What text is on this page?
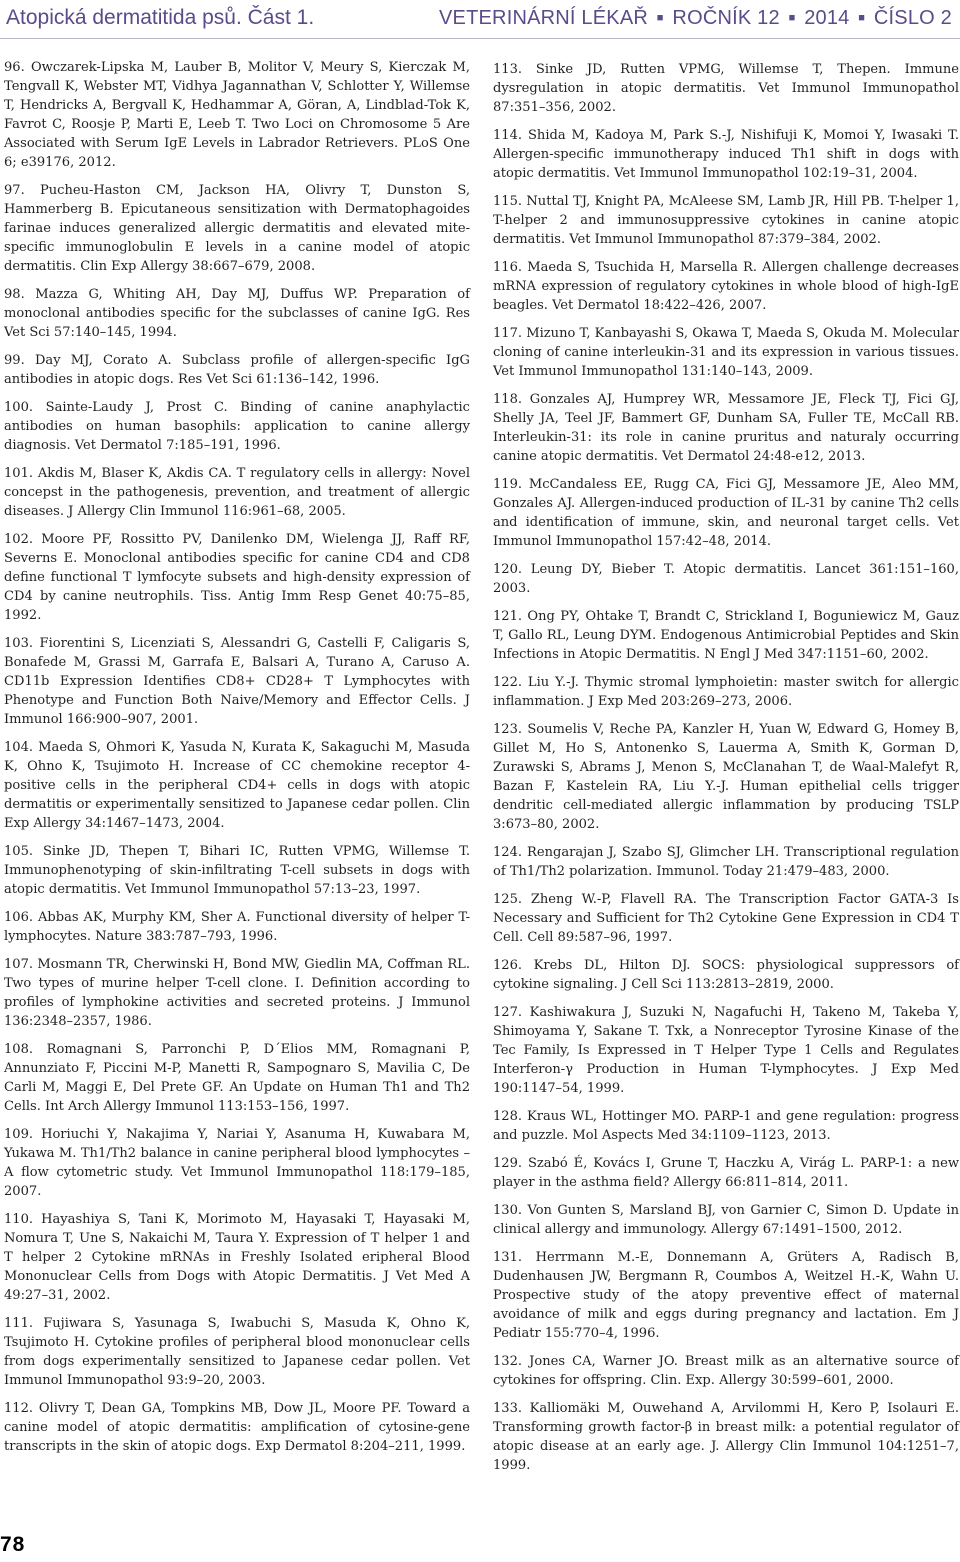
Atopická dermatitida psů. Část 1.	VETERINÁRNÍ LÉKAŘ ■ ROČNÍK 12 ■ 2014 ■ ČÍSLO 2

96. Owczarek-Lipska M, Lauber B, Molitor V, Meury S, Kierczak M, Tengvall K, Webster MT, Vidhya Jagannathan V, Schlotter Y, Willemse T, Hendricks A, Bergvall K, Hedhammar A, Göran, A, Lindblad-Tok K, Favrot C, Roosje P, Marti E, Leeb T. Two Loci on Chromosome 5 Are Associated with Serum IgE Levels in Labrador Retrievers. PLoS One 6; e39176, 2012.

97. Pucheu-Haston CM, Jackson HA, Olivry T, Dunston S, Hammerberg B. Epicutaneous sensitization with Dermatophagoides farinae induces generalized allergic dermatitis and elevated mite-specific immunoglobulin E levels in a canine model of atopic dermatitis. Clin Exp Allergy 38:667–679, 2008.

98. Mazza G, Whiting AH, Day MJ, Duffus WP. Preparation of monoclonal antibodies specific for the subclasses of canine IgG. Res Vet Sci 57:140–145, 1994.

99. Day MJ, Corato A. Subclass profile of allergen-specific IgG antibodies in atopic dogs. Res Vet Sci 61:136–142, 1996.

100. Sainte-Laudy J, Prost C. Binding of canine anaphylactic antibodies on human basophils: application to canine allergy diagnosis. Vet Dermatol 7:185–191, 1996.

101. Akdis M, Blaser K, Akdis CA. T regulatory cells in allergy: Novel concepst in the pathogenesis, prevention, and treatment of allergic diseases. J Allergy Clin Immunol 116:961–68, 2005.

102. Moore PF, Rossitto PV, Danilenko DM, Wielenga JJ, Raff RF, Severns E. Monoclonal antibodies specific for canine CD4 and CD8 define functional T lymfocyte subsets and high-density expression of CD4 by canine neutrophils. Tiss. Antig Imm Resp Genet 40:75–85, 1992.

103. Fiorentini S, Licenziati S, Alessandri G, Castelli F, Caligaris S, Bonafede M, Grassi M, Garrafa E, Balsari A, Turano A, Caruso A. CD11b Expression Identifies CD8+ CD28+ T Lymphocytes with Phenotype and Function Both Naive/Memory and Effector Cells. J Immunol 166:900–907, 2001.

104. Maeda S, Ohmori K, Yasuda N, Kurata K, Sakaguchi M, Masuda K, Ohno K, Tsujimoto H. Increase of CC chemokine receptor 4-positive cells in the peripheral CD4+ cells in dogs with atopic dermatitis or experimentally sensitized to Japanese cedar pollen. Clin Exp Allergy 34:1467–1473, 2004.

105. Sinke JD, Thepen T, Bihari IC, Rutten VPMG, Willemse T. Immunophenotyping of skin-infiltrating T-cell subsets in dogs with atopic dermatitis. Vet Immunol Immunopathol 57:13–23, 1997.

106. Abbas AK, Murphy KM, Sher A. Functional diversity of helper T-lymphocytes. Nature 383:787–793, 1996.

107. Mosmann TR, Cherwinski H, Bond MW, Giedlin MA, Coffman RL. Two types of murine helper T-cell clone. I. Definition according to profiles of lymphokine activities and secreted proteins. J Immunol 136:2348–2357, 1986.

108. Romagnani S, Parronchi P, D´Elios MM, Romagnani P, Annunziato F, Piccini M-P, Manetti R, Sampognaro S, Mavilia C, De Carli M, Maggi E, Del Prete GF. An Update on Human Th1 and Th2 Cells. Int Arch Allergy Immunol 113:153–156, 1997.

109. Horiuchi Y, Nakajima Y, Nariai Y, Asanuma H, Kuwabara M, Yukawa M. Th1/Th2 balance in canine peripheral blood lymphocytes – A flow cytometric study. Vet Immunol Immunopathol 118:179–185, 2007.

110. Hayashiya S, Tani K, Morimoto M, Hayasaki T, Hayasaki M, Nomura T, Une S, Nakaichi M, Taura Y. Expression of T helper 1 and T helper 2 Cytokine mRNAs in Freshly Isolated eripheral Blood Mononuclear Cells from Dogs with Atopic Dermatitis. J Vet Med A 49:27–31, 2002.

111. Fujiwara S, Yasunaga S, Iwabuchi S, Masuda K, Ohno K, Tsujimoto H. Cytokine profiles of peripheral blood mononuclear cells from dogs experimentally sensitized to Japanese cedar pollen. Vet Immunol Immunopathol 93:9–20, 2003.

112. Olivry T, Dean GA, Tompkins MB, Dow JL, Moore PF. Toward a canine model of atopic dermatitis: amplification of cytosine-gene transcripts in the skin of atopic dogs. Exp Dermatol 8:204–211, 1999.

113. Sinke JD, Rutten VPMG, Willemse T, Thepen. Immune dysregulation in atopic dermatitis. Vet Immunol Immunopathol 87:351–356, 2002.

114. Shida M, Kadoya M, Park S.-J, Nishifuji K, Momoi Y, Iwasaki T. Allergen-specific immunotherapy induced Th1 shift in dogs with atopic dermatitis. Vet Immunol Immunopathol 102:19–31, 2004.

115. Nuttal TJ, Knight PA, McAleese SM, Lamb JR, Hill PB. T-helper 1, T-helper 2 and immunosuppressive cytokines in canine atopic dermatitis. Vet Immunol Immunopathol 87:379–384, 2002.

116. Maeda S, Tsuchida H, Marsella R. Allergen challenge decreases mRNA expression of regulatory cytokines in whole blood of high-IgE beagles. Vet Dermatol 18:422–426, 2007.

117. Mizuno T, Kanbayashi S, Okawa T, Maeda S, Okuda M. Molecular cloning of canine interleukin-31 and its expression in various tissues. Vet Immunol Immunopathol 131:140–143, 2009.

118. Gonzales AJ, Humprey WR, Messamore JE, Fleck TJ, Fici GJ, Shelly JA, Teel JF, Bammert GF, Dunham SA, Fuller TE, McCall RB. Interleukin-31: its role in canine pruritus and naturaly occurring canine atopic dermatitis. Vet Dermatol 24:48-e12, 2013.

119. McCandaless EE, Rugg CA, Fici GJ, Messamore JE, Aleo MM, Gonzales AJ. Allergen-induced production of IL-31 by canine Th2 cells and identification of immune, skin, and neuronal target cells. Vet Immunol Immunopathol 157:42–48, 2014.

120. Leung DY, Bieber T. Atopic dermatitis. Lancet 361:151–160, 2003.

121. Ong PY, Ohtake T, Brandt C, Strickland I, Boguniewicz M, Gauz T, Gallo RL, Leung DYM. Endogenous Antimicrobial Peptides and Skin Infections in Atopic Dermatitis. N Engl J Med 347:1151–60, 2002.

122. Liu Y.-J. Thymic stromal lymphoietin: master switch for allergic inflammation. J Exp Med 203:269–273, 2006.

123. Soumelis V, Reche PA, Kanzler H, Yuan W, Edward G, Homey B, Gillet M, Ho S, Antonenko S, Lauerma A, Smith K, Gorman D, Zurawski S, Abrams J, Menon S, McClanahan T, de Waal-Malefyt R, Bazan F, Kastelein RA, Liu Y.-J. Human epithelial cells trigger dendritic cell-mediated allergic inflammation by producing TSLP 3:673–80, 2002.

124. Rengarajan J, Szabo SJ, Glimcher LH. Transcriptional regulation of Th1/Th2 polarization. Immunol. Today 21:479–483, 2000.

125. Zheng W.-P, Flavell RA. The Transcription Factor GATA-3 Is Necessary and Sufficient for Th2 Cytokine Gene Expression in CD4 T Cell. Cell 89:587–96, 1997.

126. Krebs DL, Hilton DJ. SOCS: physiological suppressors of cytokine signaling. J Cell Sci 113:2813–2819, 2000.

127. Kashiwakura J, Suzuki N, Nagafuchi H, Takeno M, Takeba Y, Shimoyama Y, Sakane T. Txk, a Nonreceptor Tyrosine Kinase of the Tec Family, Is Expressed in T Helper Type 1 Cells and Regulates Interferon-γ Production in Human T-lymphocytes. J Exp Med 190:1147–54, 1999.

128. Kraus WL, Hottinger MO. PARP-1 and gene regulation: progress and puzzle. Mol Aspects Med 34:1109–1123, 2013.

129. Szabó É, Kovács I, Grune T, Haczku A, Virág L. PARP-1: a new player in the asthma field? Allergy 66:811–814, 2011.

130. Von Gunten S, Marsland BJ, von Garnier C, Simon D. Update in clinical allergy and immunology. Allergy 67:1491–1500, 2012.

131. Herrmann M.-E, Donnemann A, Grüters A, Radisch B, Dudenhausen JW, Bergmann R, Coumbos A, Weitzel H.-K, Wahn U. Prospective study of the atopy preventive effect of maternal avoidance of milk and eggs during pregnancy and lactation. Em J Pediatr 155:770–4, 1996.

132. Jones CA, Warner JO. Breast milk as an alternative source of cytokines for offspring. Clin. Exp. Allergy 30:599–601, 2000.

133. Kalliomäki M, Ouwehand A, Arvilommi H, Kero P, Isolauri E. Transforming growth factor-β in breast milk: a potential regulator of atopic disease at an early age. J. Allergy Clin Immunol 104:1251–7, 1999.

78
